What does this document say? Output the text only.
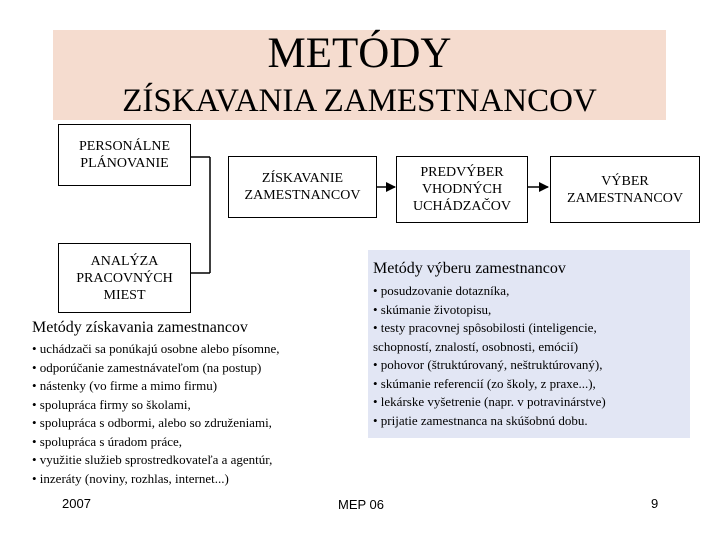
METÓDY
ZÍSKAVANIA ZAMESTNANCOV
PERSONÁLNE
PLÁNOVANIE
ANALÝZA
PRACOVNÝCH
MIEST
ZÍSKAVANIE
ZAMESTNANCOV
PREDVÝBER
VHODNÝCH
UCHÁDZAČOV
VÝBER
ZAMESTNANCOV
Metódy výberu zamestnancov
• posudzovanie dotazníka,
• skúmanie životopisu,
• testy pracovnej spôsobilosti (inteligencie,
schopností, znalostí, osobnosti, emócií)
• pohovor (štruktúrovaný, neštruktúrovaný),
• skúmanie referencií (zo školy, z praxe...),
• lekárske vyšetrenie (napr. v potravinárstve)
• prijatie zamestnanca na skúšobnú dobu.
Metódy získavania zamestnancov
• uchádzači sa ponúkajú osobne alebo písomne,
• odporúčanie zamestnávateľom (na postup)
• nástenky (vo firme a mimo firmu)
• spolupráca firmy so školami,
• spolupráca s odbormi, alebo so združeniami,
• spolupráca s úradom práce,
• využitie služieb sprostredkovateľa a agentúr,
• inzeráty (noviny, rozhlas, internet...)
2007	MEP 06	9
